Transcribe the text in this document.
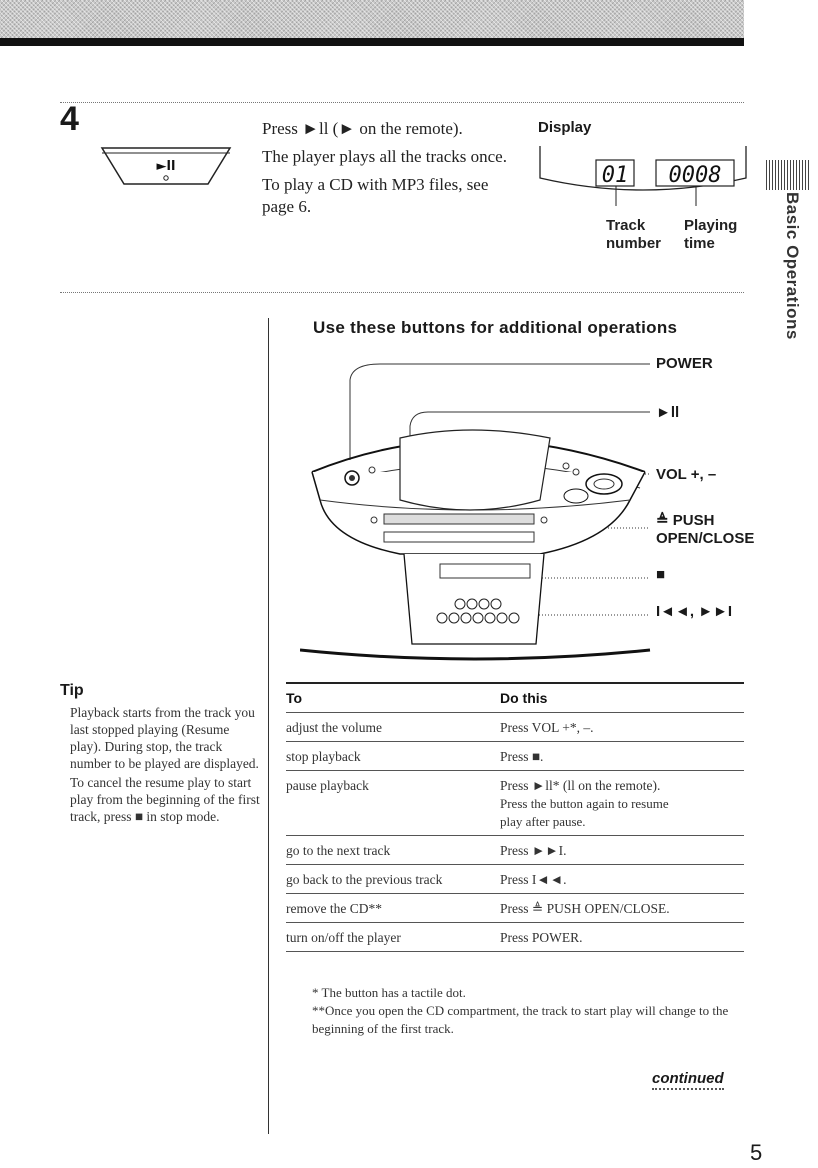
4
►ll

Press ►ll (► on the remote).

The player plays all the tracks once.

To play a CD with MP3 files, see page 6.

Display
01 0008
Track
number
Playing
time	Basic Operations
Use these buttons for additional operations
POWER
►ll
VOL +, –
≜ PUSH
OPEN/CLOSE
■
I◄◄, ►►I
Tip

Playback starts from the track you last stopped playing (Resume play). During stop, the track number to be played are displayed.

To cancel the resume play to start play from the beginning of the first track, press ■ in stop mode.

To	Do this
adjust the volume	Press VOL +*, –.
stop playback	Press ■.
pause playback	Press ►ll* (ll on the remote).
Press the button again to resume play after pause.

go to the next track	Press ►►I.
go back to the previous track	Press I◄◄.
remove the CD**	Press ≜ PUSH OPEN/CLOSE.
turn on/off the player	Press POWER.

* The button has a tactile dot.

**Once you open the CD compartment, the track to start play will change to the beginning of the first track.

continued
5
